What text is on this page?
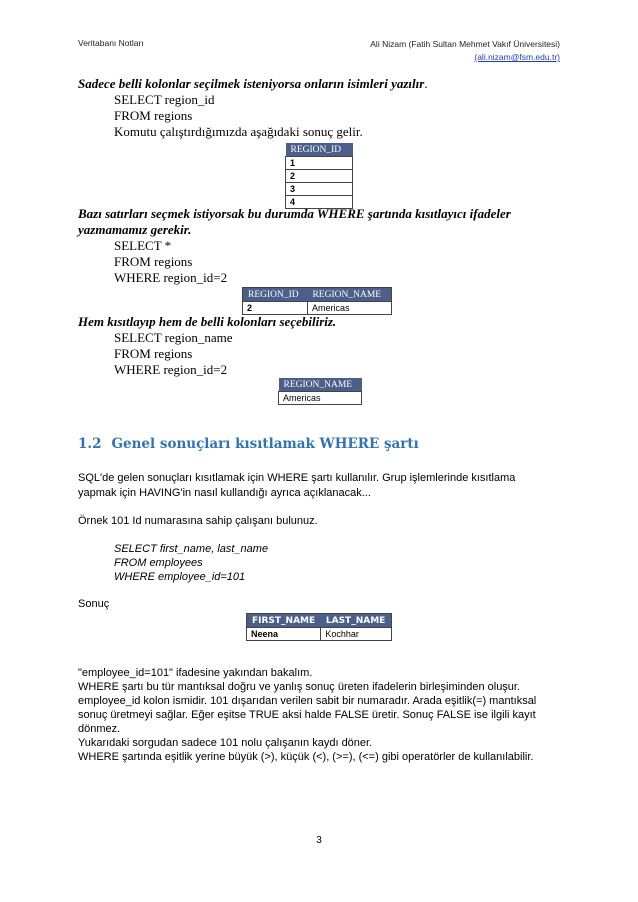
Veritabanı Notları	Ali Nizam (Fatih Sultan Mehmet Vakıf Üniversitesi)
(ali.nizam@fsm.edu.tr)
Sadece belli kolonlar seçilmek isteniyorsa onların isimleri yazılır.
SELECT region_id
FROM regions
Komutu çalıştırdığımızda aşağıdaki sonuç gelir.
REGION_ID
1
2
3
4
Bazı satırları seçmek istiyorsak bu durumda WHERE şartında kısıtlayıcı ifadeler
yazmamamız gerekir.
SELECT *
FROM regions
WHERE region_id=2
REGION_ID	REGION_NAME
2	Americas
Hem kısıtlayıp hem de belli kolonları seçebiliriz.
SELECT region_name
FROM regions
WHERE region_id=2
REGION_NAME
Americas
1.2 Genel sonuçları kısıtlamak WHERE şartı
SQL'de gelen sonuçları kısıtlamak için WHERE şartı kullanılır. Grup işlemlerinde kısıtlama
yapmak için HAVING'in nasıl kullandığı ayrıca açıklanacak...
Örnek 101 Id numarasına sahip çalışanı bulunuz.
SELECT first_name, last_name
FROM employees
WHERE employee_id=101
Sonuç
FIRST_NAME	LAST_NAME
Neena	Kochhar
"employee_id=101" ifadesine yakından bakalım.
WHERE şartı bu tür mantıksal doğru ve yanlış sonuç üreten ifadelerin birleşiminden oluşur.
employee_id kolon ismidir. 101 dışarıdan verilen sabit bir numaradır. Arada eşitlik(=) mantıksal
sonuç üretmeyi sağlar. Eğer eşitse TRUE aksi halde FALSE üretir. Sonuç FALSE ise ilgili kayıt
dönmez.
Yukarıdaki sorgudan sadece 101 nolu çalışanın kaydı döner.
WHERE şartında eşitlik yerine büyük (>), küçük (<), (>=), (<=) gibi operatörler de kullanılabilir.
3
